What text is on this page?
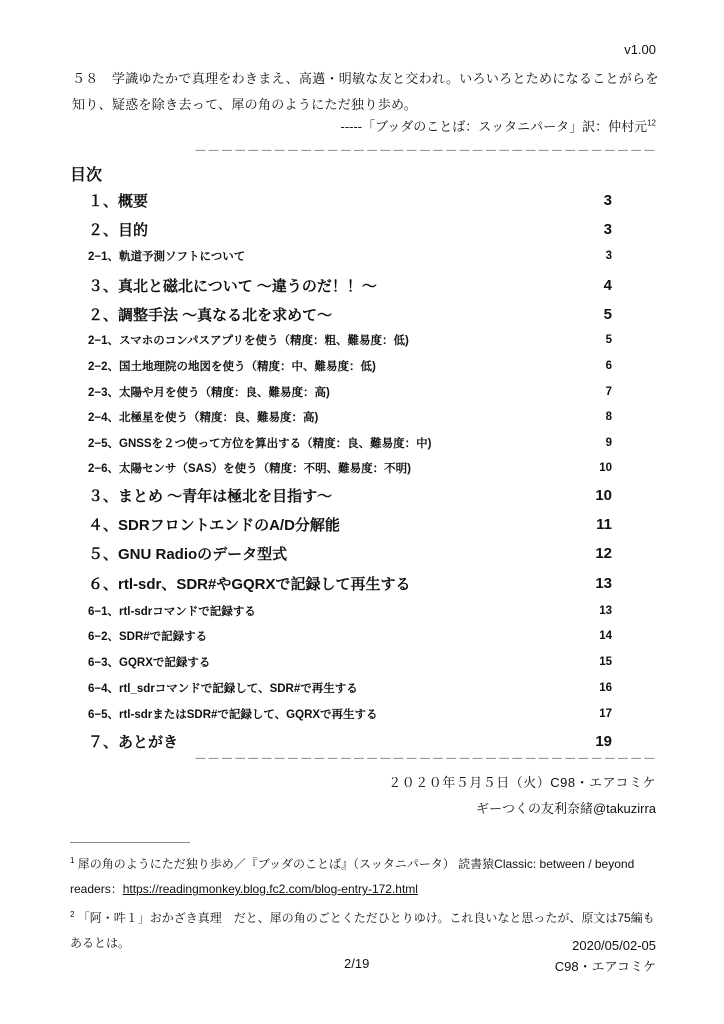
v1.00
５８　学識ゆたかで真理をわきまえ、高邁・明敏な友と交われ。いろいろとためになることがらを知り、疑惑を除き去って、犀の角のようにただ独り歩め。
-----「ブッダのことば：スッタニパータ」訳：仲村元$^{12}$
－－－－－－－－－－－－－－－－－－－－－－－－－－－－－－－－－－－
目次
１、概要	3
２、目的	3
2−1、軌道予測ソフトについて	3
３、真北と磁北について 〜違うのだ！！〜	4
２、調整手法 〜真なる北を求めて〜	5
2−1、スマホのコンパスアプリを使う（精度：粗、難易度：低)	5
2−2、国土地理院の地図を使う（精度：中、難易度：低)	6
2−3、太陽や月を使う（精度：良、難易度：高)	7
2−4、北極星を使う（精度：良、難易度：高)	8
2−5、GNSSを２つ使って方位を算出する（精度：良、難易度：中)	9
2−6、太陽センサ（SAS）を使う（精度：不明、難易度：不明)	10
３、まとめ 〜青年は極北を目指す〜	10
４、SDRフロントエンドのA/D分解能	11
５、GNU Radioのデータ型式	12
６、rtl-sdr、SDR#やGQRXで記録して再生する	13
6−1、rtl-sdrコマンドで記録する	13
6−2、SDR#で記録する	14
6−3、GQRXで記録する	15
6−4、rtl_sdrコマンドで記録して、SDR#で再生する	16
6−5、rtl-sdrまたはSDR#で記録して、GQRXで再生する	17
７、あとがき	19
－－－－－－－－－－－－－－－－－－－－－－－－－－－－－－－－－－－
２０２０年５月５日（火）C98・エアコミケ
ギーつくの友利奈緒@takuzirra
$^1$ 犀の角のようにただ独り歩め／『ブッダのことば』（スッタニパータ） 読書猿Classic: between / beyond readers：https://readingmonkey.blog.fc2.com/blog-entry-172.html
$^2$ 「阿・吽１」おかざき真理　だと、犀の角のごとくただひとりゆけ。これ良いなと思ったが、原文は75編もあるとは。
2/19
2020/05/02-05
C98・エアコミケ
